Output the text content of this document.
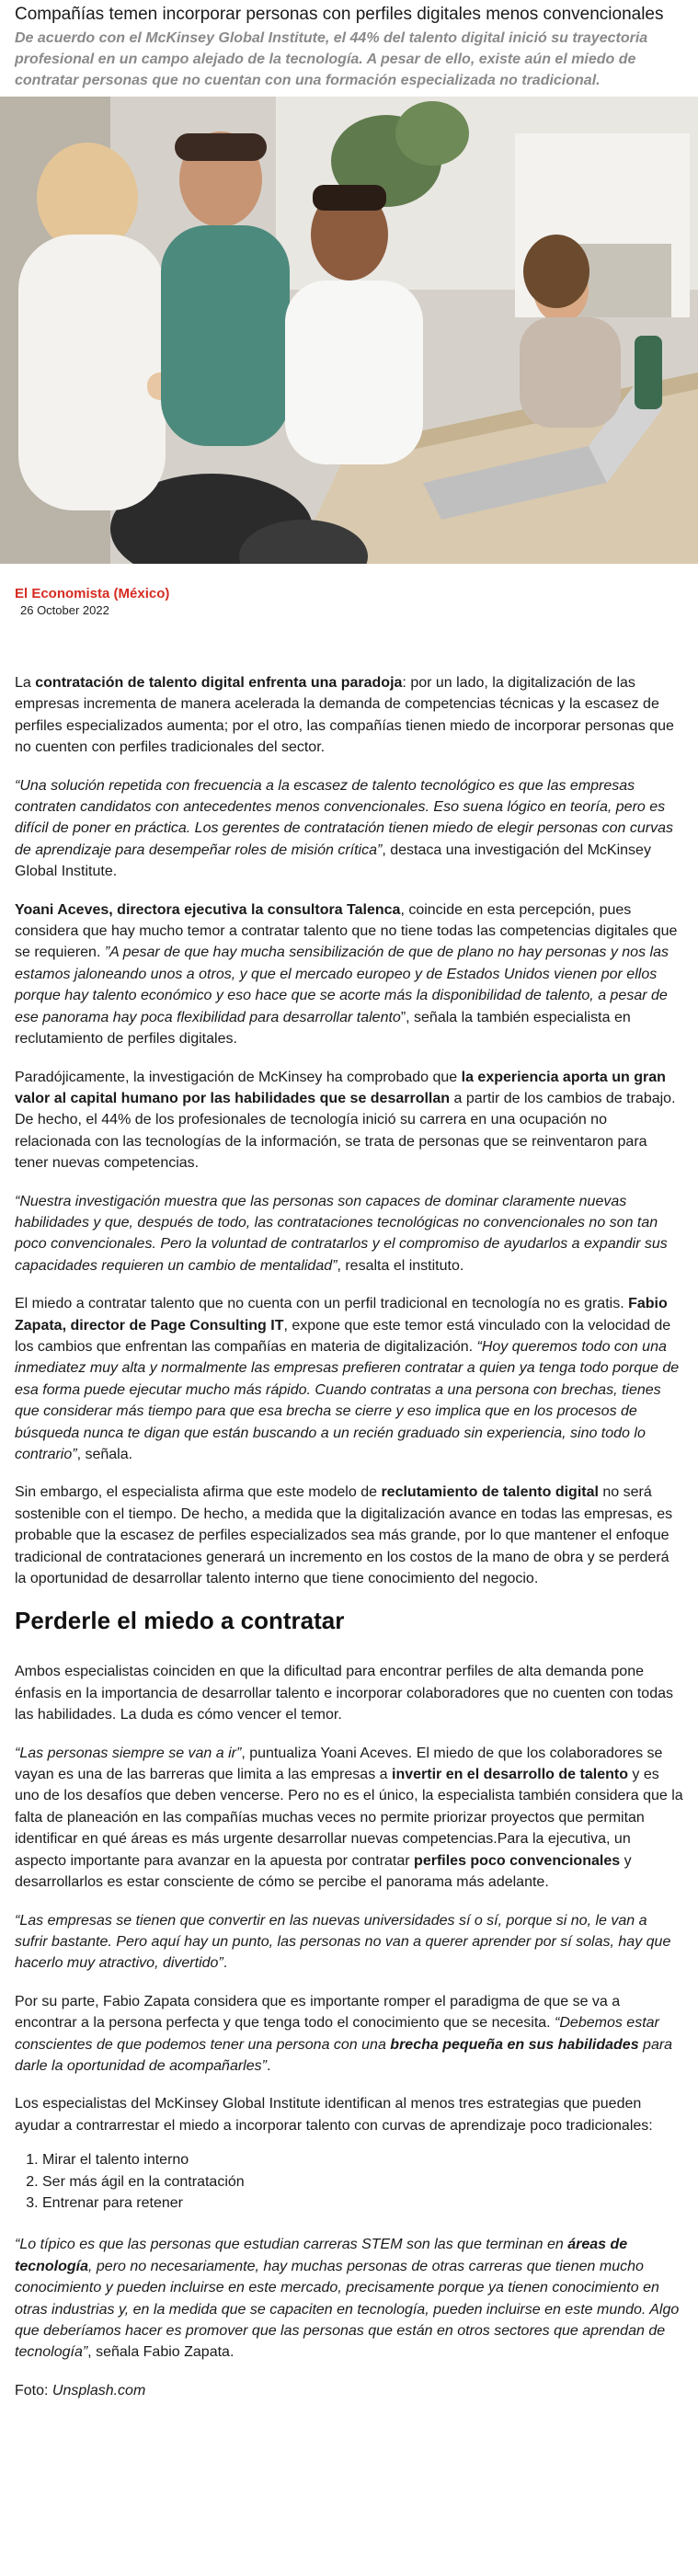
Compañías temen incorporar personas con perfiles digitales menos convencionales

De acuerdo con el McKinsey Global Institute, el 44% del talento digital inició su trayectoria profesional en un campo alejado de la tecnología. A pesar de ello, existe aún el miedo de contratar personas que no cuentan con una formación especializada no tradicional.

El Economista (México)
26 October 2022

La contratación de talento digital enfrenta una paradoja: por un lado, la digitalización de las empresas incrementa de manera acelerada la demanda de competencias técnicas y la escasez de perfiles especializados aumenta; por el otro, las compañías tienen miedo de incorporar personas que no cuenten con perfiles tradicionales del sector.

“Una solución repetida con frecuencia a la escasez de talento tecnológico es que las empresas contraten candidatos con antecedentes menos convencionales. Eso suena lógico en teoría, pero es difícil de poner en práctica. Los gerentes de contratación tienen miedo de elegir personas con curvas de aprendizaje para desempeñar roles de misión crítica”, destaca una investigación del McKinsey Global Institute.

Yoani Aceves, directora ejecutiva la consultora Talenca, coincide en esta percepción, pues considera que hay mucho temor a contratar talento que no tiene todas las competencias digitales que se requieren. ”A pesar de que hay mucha sensibilización de que de plano no hay personas y nos las estamos jaloneando unos a otros, y que el mercado europeo y de Estados Unidos vienen por ellos porque hay talento económico y eso hace que se acorte más la disponibilidad de talento, a pesar de ese panorama hay poca flexibilidad para desarrollar talento”, señala la también especialista en reclutamiento de perfiles digitales.

Paradójicamente, la investigación de McKinsey ha comprobado que la experiencia aporta un gran valor al capital humano por las habilidades que se desarrollan a partir de los cambios de trabajo. De hecho, el 44% de los profesionales de tecnología inició su carrera en una ocupación no relacionada con las tecnologías de la información, se trata de personas que se reinventaron para tener nuevas competencias.

“Nuestra investigación muestra que las personas son capaces de dominar claramente nuevas habilidades y que, después de todo, las contrataciones tecnológicas no convencionales no son tan poco convencionales. Pero la voluntad de contratarlos y el compromiso de ayudarlos a expandir sus capacidades requieren un cambio de mentalidad”, resalta el instituto.

El miedo a contratar talento que no cuenta con un perfil tradicional en tecnología no es gratis. Fabio Zapata, director de Page Consulting IT, expone que este temor está vinculado con la velocidad de los cambios que enfrentan las compañías en materia de digitalización. “Hoy queremos todo con una inmediatez muy alta y normalmente las empresas prefieren contratar a quien ya tenga todo porque de esa forma puede ejecutar mucho más rápido. Cuando contratas a una persona con brechas, tienes que considerar más tiempo para que esa brecha se cierre y eso implica que en los procesos de búsqueda nunca te digan que están buscando a un recién graduado sin experiencia, sino todo lo contrario”, señala.

Sin embargo, el especialista afirma que este modelo de reclutamiento de talento digital no será sostenible con el tiempo. De hecho, a medida que la digitalización avance en todas las empresas, es probable que la escasez de perfiles especializados sea más grande, por lo que mantener el enfoque tradicional de contrataciones generará un incremento en los costos de la mano de obra y se perderá la oportunidad de desarrollar talento interno que tiene conocimiento del negocio.

Perderle el miedo a contratar

Ambos especialistas coinciden en que la dificultad para encontrar perfiles de alta demanda pone énfasis en la importancia de desarrollar talento e incorporar colaboradores que no cuenten con todas las habilidades. La duda es cómo vencer el temor.

“Las personas siempre se van a ir”, puntualiza Yoani Aceves. El miedo de que los colaboradores se vayan es una de las barreras que limita a las empresas a invertir en el desarrollo de talento y es uno de los desafíos que deben vencerse. Pero no es el único, la especialista también considera que la falta de planeación en las compañías muchas veces no permite priorizar proyectos que permitan identificar en qué áreas es más urgente desarrollar nuevas competencias.Para la ejecutiva, un aspecto importante para avanzar en la apuesta por contratar perfiles poco convencionales y desarrollarlos es estar consciente de cómo se percibe el panorama más adelante.

“Las empresas se tienen que convertir en las nuevas universidades sí o sí, porque si no, le van a sufrir bastante. Pero aquí hay un punto, las personas no van a querer aprender por sí solas, hay que hacerlo muy atractivo, divertido”.

Por su parte, Fabio Zapata considera que es importante romper el paradigma de que se va a encontrar a la persona perfecta y que tenga todo el conocimiento que se necesita. “Debemos estar conscientes de que podemos tener una persona con una brecha pequeña en sus habilidades para darle la oportunidad de acompañarles”.

Los especialistas del McKinsey Global Institute identifican al menos tres estrategias que pueden ayudar a contrarrestar el miedo a incorporar talento con curvas de aprendizaje poco tradicionales:

1. Mirar el talento interno
2. Ser más ágil en la contratación
3. Entrenar para retener

“Lo típico es que las personas que estudian carreras STEM son las que terminan en áreas de tecnología, pero no necesariamente, hay muchas personas de otras carreras que tienen mucho conocimiento y pueden incluirse en este mercado, precisamente porque ya tienen conocimiento en otras industrias y, en la medida que se capaciten en tecnología, pueden incluirse en este mundo. Algo que deberíamos hacer es promover que las personas que están en otros sectores que aprendan de tecnología”, señala Fabio Zapata.

Foto: Unsplash.com
